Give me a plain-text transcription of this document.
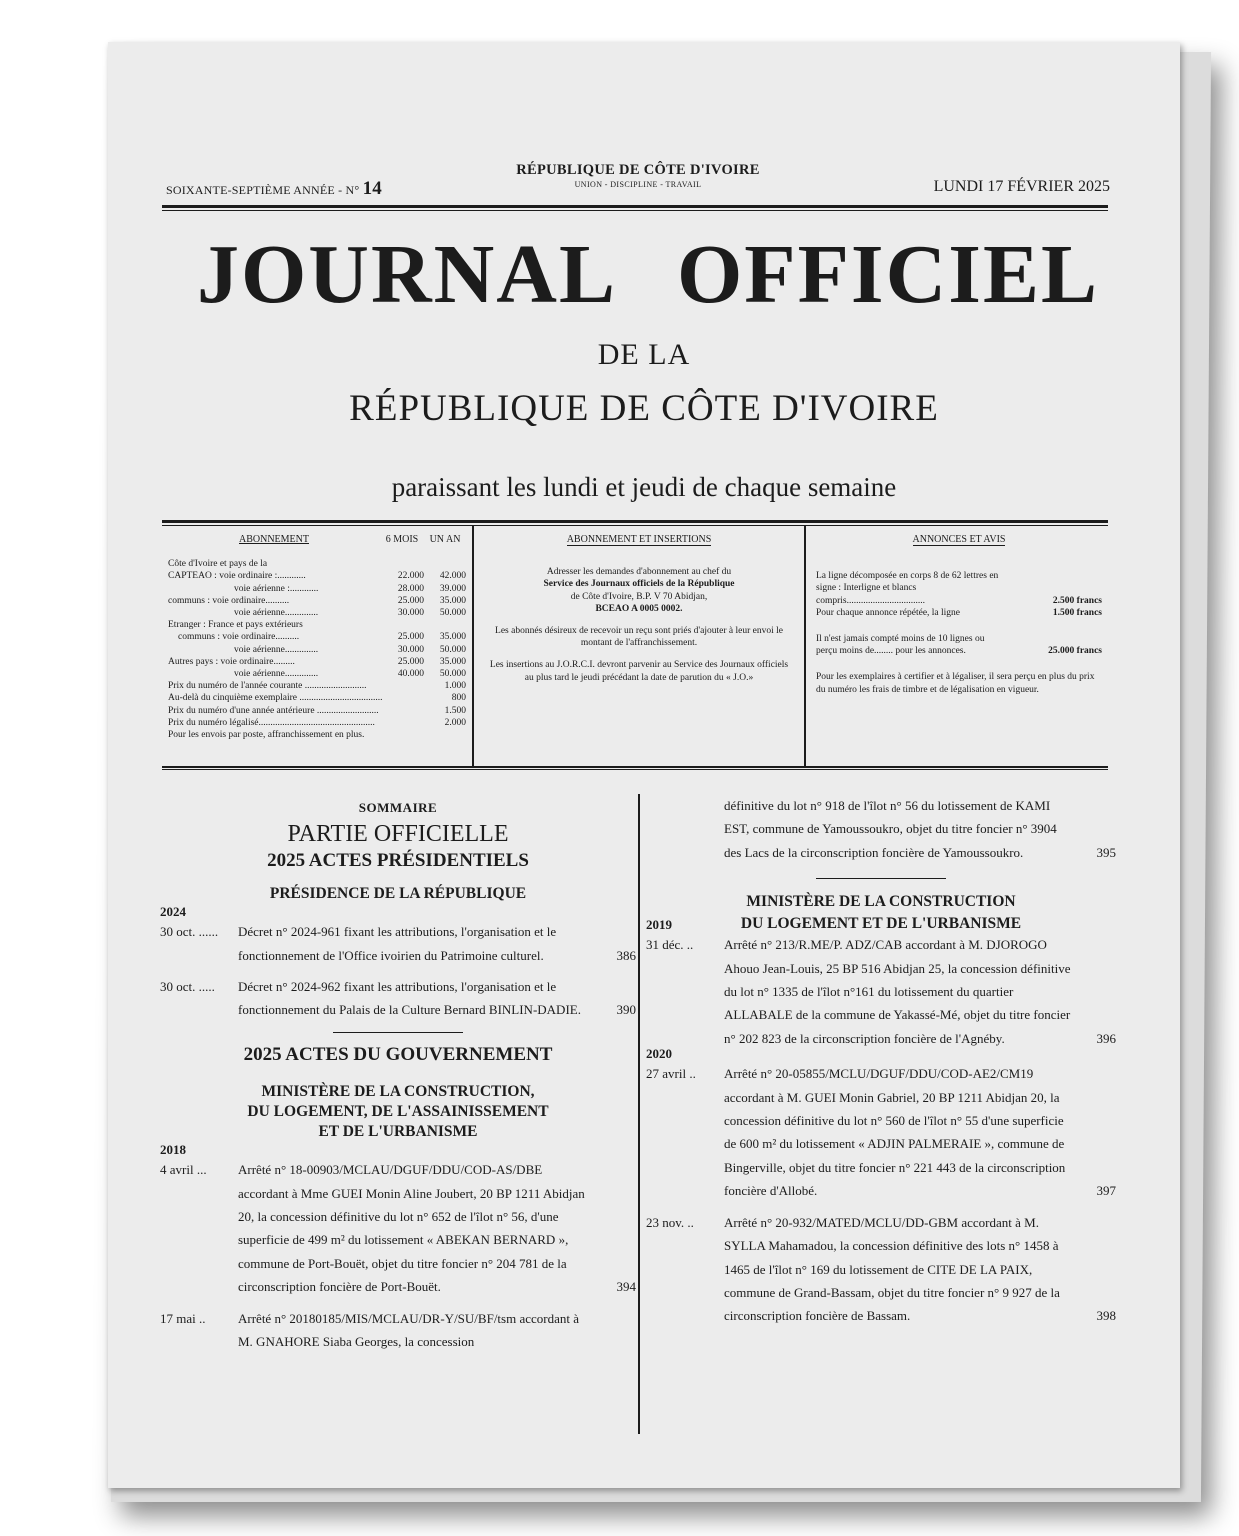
SOIXANTE-SEPTIÈME ANNÉE - N° 14
RÉPUBLIQUE DE CÔTE D'IVOIRE
UNION - DISCIPLINE - TRAVAIL	LUNDI 17 FÉVRIER 2025
JOURNAL OFFICIEL
DE LA
RÉPUBLIQUE DE CÔTE D'IVOIRE
paraissant les lundi et jeudi de chaque semaine
ABONNEMENT	6 MOIS	UN AN
Côte d'Ivoire et pays de la
CAPTEAO : voie ordinaire :............	22.000	42.000
voie aérienne :............	28.000	39.000
communs : voie ordinaire..........	25.000	35.000
voie aérienne..............	30.000	50.000
Etranger : France et pays extérieurs
communs : voie ordinaire..........	25.000	35.000
voie aérienne..............	30.000	50.000
Autres pays : voie ordinaire.........	25.000	35.000
voie aérienne..............	40.000	50.000
Prix du numéro de l'année courante ..........................	1.000
Au-delà du cinquième exemplaire ...................................	800
Prix du numéro d'une année antérieure ..........................	1.500
Prix du numéro légalisé.................................................	2.000
Pour les envois par poste, affranchissement en plus.
ABONNEMENT ET INSERTIONS

Adresser les demandes d'abonnement au chef du
Service des Journaux officiels de la République
de Côte d'Ivoire, B.P. V 70 Abidjan,
BCEAO A 0005 0002.

Les abonnés désireux de recevoir un reçu sont priés d'ajouter à leur envoi le montant de l'affranchissement.

Les insertions au J.O.R.C.I. devront parvenir au Service des Journaux officiels au plus tard le jeudi précédant la date de parution du « J.O.»

ANNONCES ET AVIS
La ligne décomposée en corps 8 de 62 lettres en signe : Interligne et blancs compris.................................	2.500 francs
Pour chaque annonce répétée, la ligne	1.500 francs
Il n'est jamais compté moins de 10 lignes ou perçu moins de........ pour les annonces.	25.000 francs
Pour les exemplaires à certifier et à légaliser, il sera perçu en plus du prix du numéro les frais de timbre et de légalisation en vigueur.
SOMMAIRE
PARTIE OFFICIELLE
2025 ACTES PRÉSIDENTIELS
PRÉSIDENCE DE LA RÉPUBLIQUE
2024
30 oct. ......	Décret n° 2024-961 fixant les attributions, l'organisation et le fonctionnement de l'Office ivoirien du Patrimoine culturel.	386
30 oct. .....	Décret n° 2024-962 fixant les attributions, l'organisation et le fonctionnement du Palais de la Culture Bernard BINLIN-DADIE.	390
2025 ACTES DU GOUVERNEMENT
MINISTÈRE DE LA CONSTRUCTION,
DU LOGEMENT, DE L'ASSAINISSEMENT
ET DE L'URBANISME
2018
4 avril ...	Arrêté n° 18-00903/MCLAU/DGUF/DDU/COD-AS/DBE accordant à Mme GUEI Monin Aline Joubert, 20 BP 1211 Abidjan 20, la concession définitive du lot n° 652 de l'îlot n° 56, d'une superficie de 499 m² du lotissement « ABEKAN BERNARD », commune de Port-Bouët, objet du titre foncier n° 204 781 de la circonscription foncière de Port-Bouët.	394
17 mai ..	Arrêté n° 20180185/MIS/MCLAU/DR-Y/SU/BF/tsm accordant à M. GNAHORE Siaba Georges, la concession
définitive du lot n° 918 de l'îlot n° 56 du lotissement de KAMI EST, commune de Yamoussoukro, objet du titre foncier n° 3904 des Lacs de la circonscription foncière de Yamoussoukro.	395
MINISTÈRE DE LA CONSTRUCTION
DU LOGEMENT ET DE L'URBANISME
2019
31 déc. ..	Arrêté n° 213/R.ME/P. ADZ/CAB accordant à M. DJOROGO Ahouo Jean-Louis, 25 BP 516 Abidjan 25, la concession définitive du lot n° 1335 de l'îlot n°161 du lotissement du quartier ALLABALE de la commune de Yakassé-Mé, objet du titre foncier n° 202 823 de la circonscription foncière de l'Agnéby.	396
2020
27 avril ..	Arrêté n° 20-05855/MCLU/DGUF/DDU/COD-AE2/CM19 accordant à M. GUEI Monin Gabriel, 20 BP 1211 Abidjan 20, la concession définitive du lot n° 560 de l'îlot n° 55 d'une superficie de 600 m² du lotissement « ADJIN PALMERAIE », commune de Bingerville, objet du titre foncier n° 221 443 de la circonscription foncière d'Allobé.	397
23 nov. ..	Arrêté n° 20-932/MATED/MCLU/DD-GBM accordant à M. SYLLA Mahamadou, la concession définitive des lots n° 1458 à 1465 de l'îlot n° 169 du lotissement de CITE DE LA PAIX, commune de Grand-Bassam, objet du titre foncier n° 9 927 de la circonscription foncière de Bassam.	398
